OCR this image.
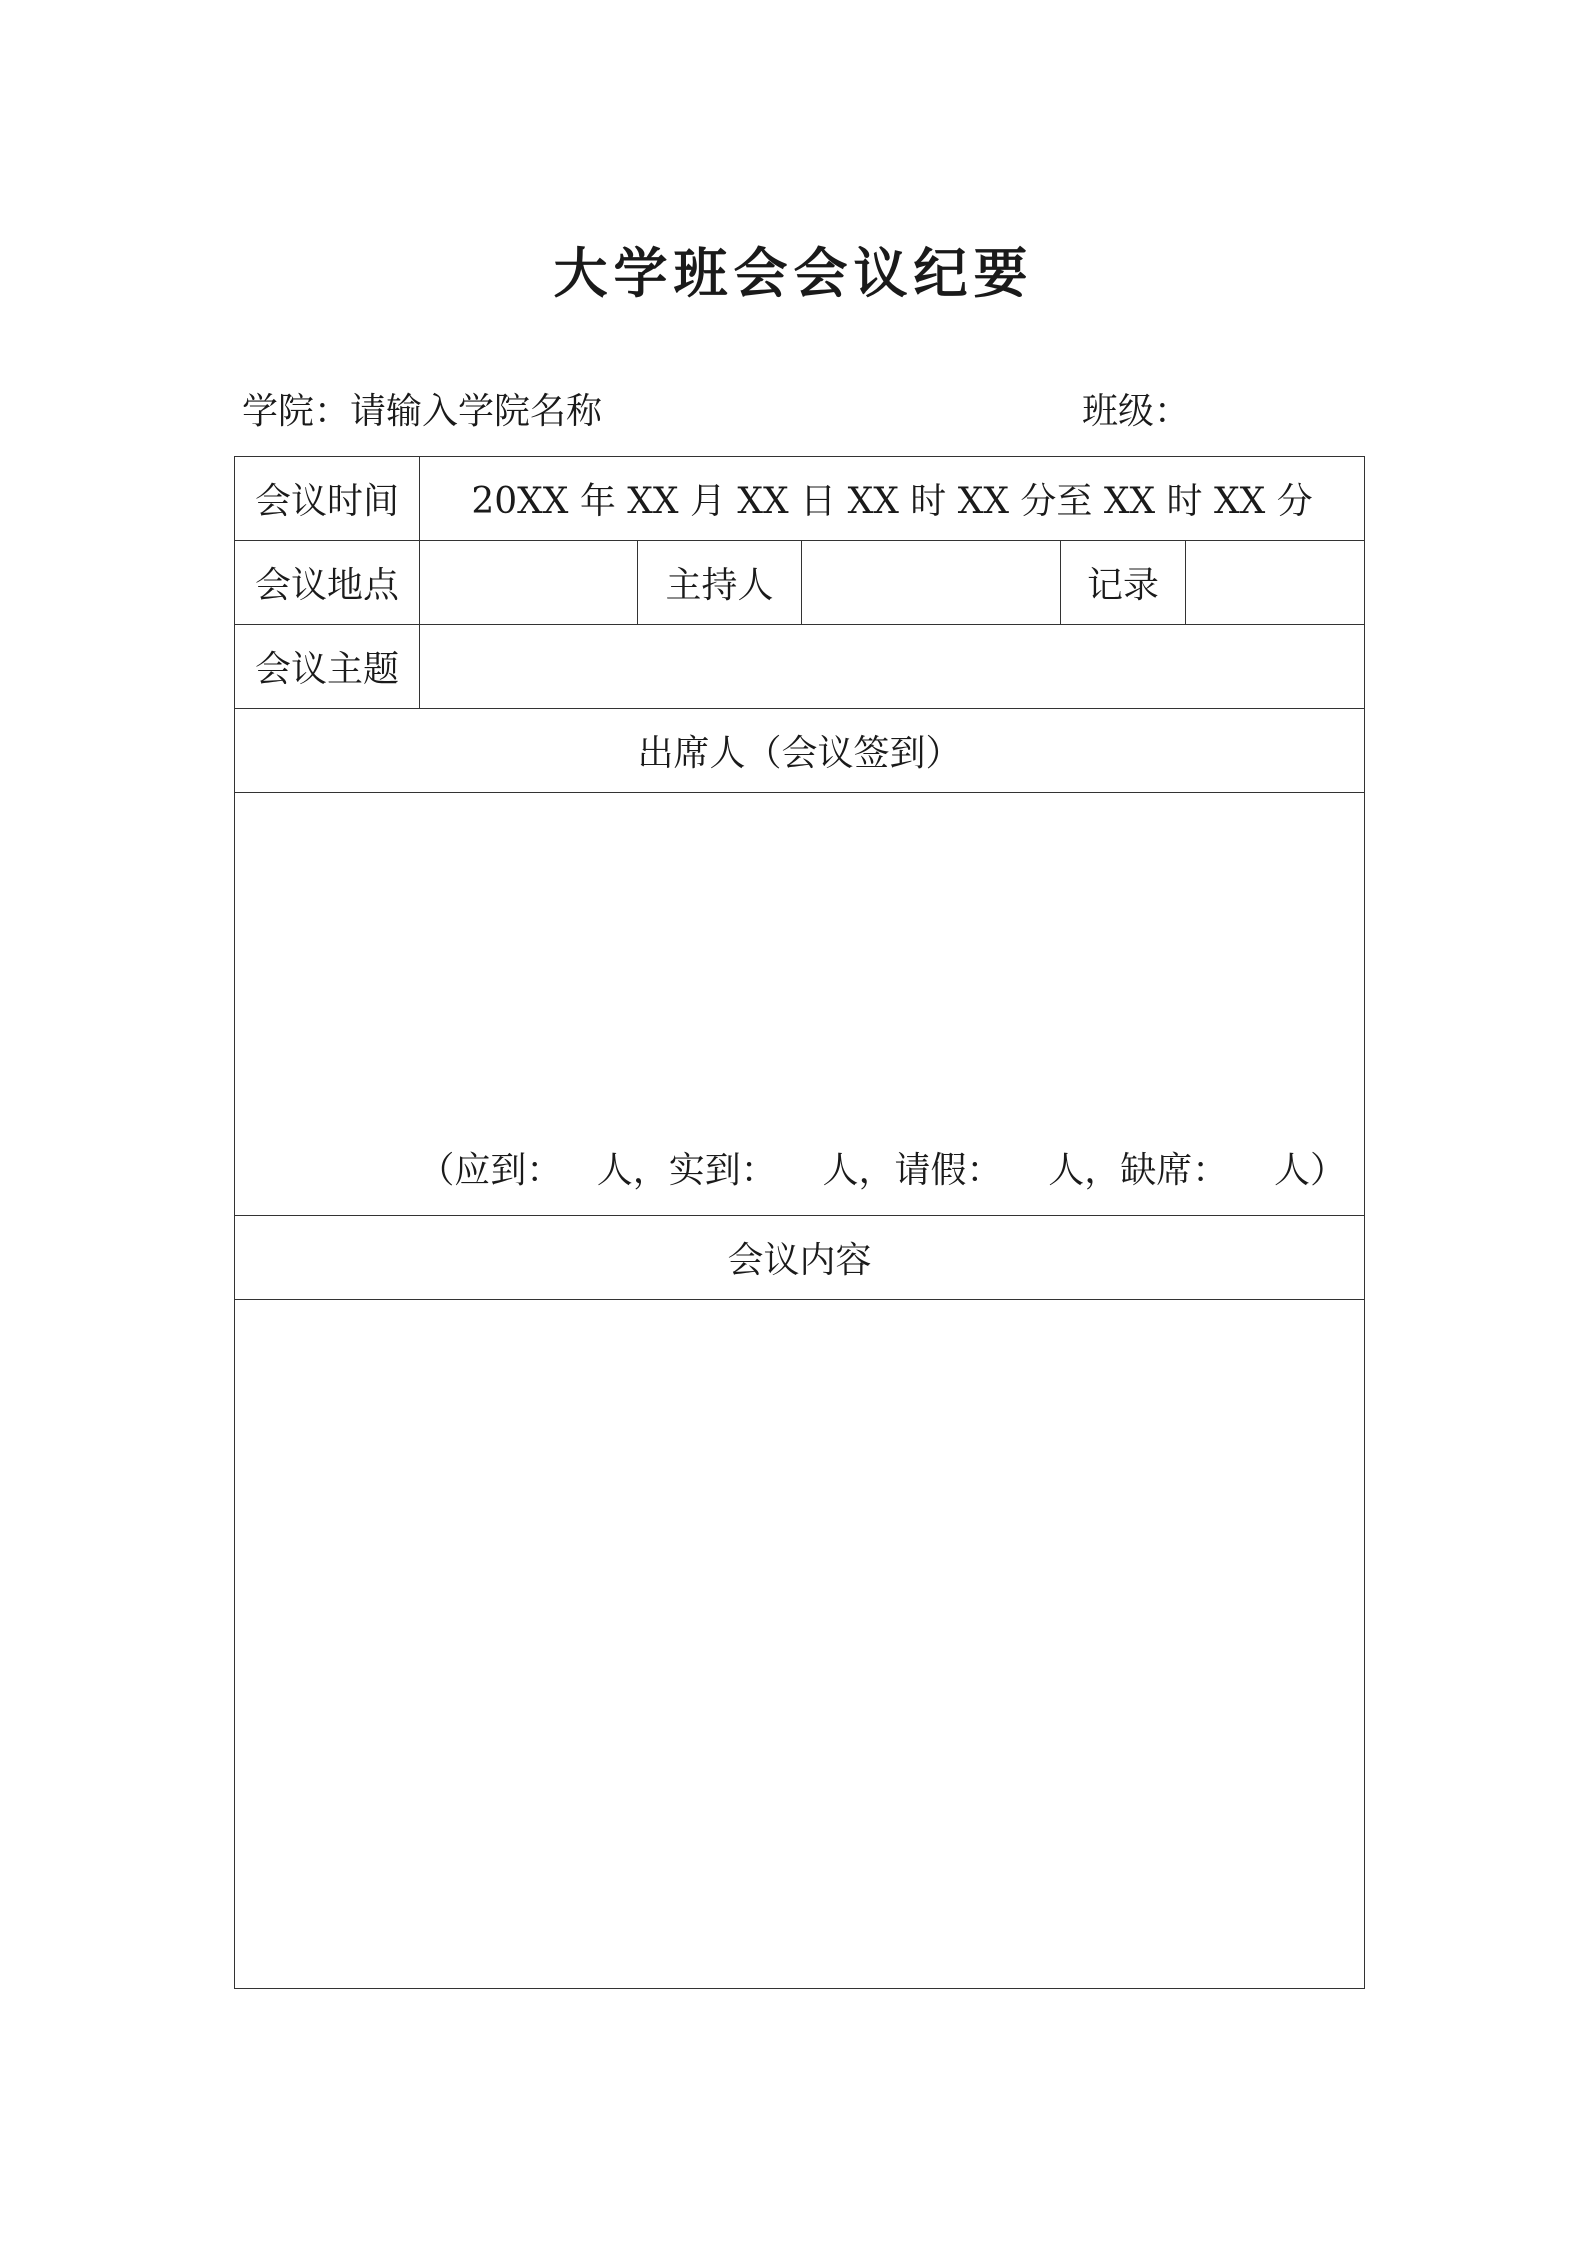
大学班会会议纪要
学院：请输入学院名称	班级：
会议时间	20XX 年 XX 月 XX 日 XX 时 XX 分至 XX 时 XX 分				
会议地点		主持人		记录	
会议主题					
出席人（会议签到）					

（应到：   人，实到：    人，请假：    人，缺席：    人）					

会议内容					
